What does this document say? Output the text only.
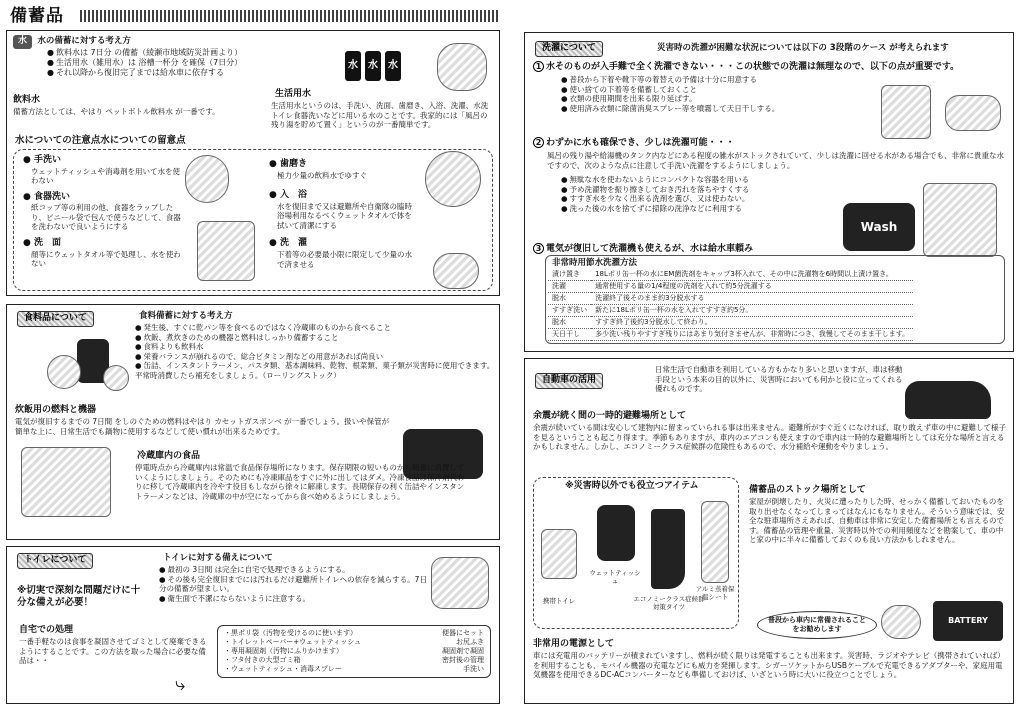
備蓄品
水 水の備蓄に対する考え方
● 飲料水は 7日分 の備蓄（綾瀬市地域防災計画より）
● 生活用水（雑用水）は 浴槽一杯分 を確保（7日分）
● それ以降から復旧完了までは給水車に依存する
水	水	水
飲料水
備蓄方法としては、やはり ペットボトル飲料水 が一番です。
生活用水
生活用水というのは、手洗い、洗面、歯磨き、入浴、洗濯、水洗トイレ食器洗いなどに用いる水のことです。我家的には「風呂の残り湯を貯めて置く」というのが一番簡単です。
水についての注意点水についての留意点
● 手洗い
ウェットティッシュや消毒剤を用いて水を使わない
● 食器洗い
紙コップ等の利用の他、食器をラップしたり、ビニール袋で包んで使うなどして、食器を洗わないで良いようにする
● 洗　面
顔等にウェットタオル等で処理し、水を使わない
● 歯磨き
極力少量の飲料水でゆすぐ
● 入　浴
水を復旧まで又は避難所や自衛隊の臨時浴場利用なるべくウェットタオルで体を拭いて清潔にする
● 洗　濯
下着等の必要最小限に限定して少量の水で済ませる
食料品について	食料備蓄に対する考え方
● 発生後、すぐに乾パン等を食べるのではなく冷蔵庫のものから食べること
● 炊飯、煮炊きのための機器と燃料はしっかり備蓄すること
● 食料よりも飲料水
● 栄養バランスが崩れるので、総合ビタミン剤などの用意があれば尚良い
● 缶詰、インスタントラーメン、パスタ類、基本調味料、乾物、根菜類、菓子類が災害時に使用できます。平常時消費したら補充をしましょう。（ローリングストック）
炊飯用の燃料と機器
電気が復旧するまでの 7日間 をしのぐための燃料はやはり カセットガスボンベ が一番でしょう。扱いや保管が簡単な上に、日常生活でも鍋物に使用するなどして使い慣れが出来るためです。
冷蔵庫内の食品
停電時点から冷蔵庫内は常温で食品保存場所になります。保存期限の短いものから順番に消費していくようにしましょう。そのためにも冷凍庫品をすぐに外に出してはダメ。冷凍食品は保冷剤代わりに移して冷蔵庫内を冷やす役目もしながら徐々に解凍します。長期保存の利く缶詰やインスタントラーメンなどは、冷蔵庫の中が空になってから食べ始めるようにしましょう。
トイレについて	トイレに対する備えについて
● 最初の 3日間 は完全に自宅で処理できるようにする。
● その後も完全復旧までには汚れるだけ避難所トイレへの依存を減らする。7日分の備蓄が望ましい。
● 衛生面で不潔にならないように注意する。
※切実で深刻な問題だけに十分な備えが必要！
自宅での処理
一番手軽なのは食事を凝固させてゴミとして廃棄できるようにすることです。この方法を取った場合に必要な備品は・・
⤷
・ 黒ポリ袋（汚物を受けるのに使います）	便器にセット
・ トイレットペーパー+ウェットティッシュ	お尻ふき
・ 専用凝固剤（汚物にふりかけます）	凝固剤で凝固
・ フタ付きの大型ゴミ箱	密封後の管理
・ ウェットティッシュ・消毒スプレー	手洗い
洗濯について	災害時の洗濯が困難な状況については以下の 3段階のケース が考えられます
1 水そのものが入手難で全く洗濯できない・・・この状態での洗濯は無理なので、以下の点が重要です。
● 普段から下着や靴下等の着替えの予備は十分に用意する
● 使い捨ての下着等を備蓄しておくこと
● 衣類の使用期間を出来る限り延ばす。
● 使用済み衣類に除菌消臭スプレー等を噴霧して天日干しする。
2 わずかに水も確保でき、少しは洗濯可能・・・
風呂の残り湯や給湯機のタンク内などにある程度の雑水がストックされていて、少しは洗濯に回せる水がある場合でも、非常に貴重な水ですので、次のような点に注意して手洗い洗濯をするようにしましょう。
● 無駄な水を使わないようにコンパクトな容器を用いる
● 予め洗濯物を振り擦きしておき汚れを落ちやすくする
● すすぎ水を少なく出来る洗剤を選び、又は使わない。
● 洗った後の水を捨てずに掃除の洗浄などに利用する
Wash
3 電気が復旧して洗濯機も使えるが、水は給水車頼み
非常時用節水洗濯方法
漬け置き	18Lポリ缶一杯の水にEM菌洗剤をキャップ3杯入れて、その中に洗濯物を6時間以上漬け置き。
洗濯	通常使用する量の1/4程度の洗剤を入れて約5分洗濯する
脱水	洗濯終了後そのまま約3分脱水する
すすぎ洗い	新たに18Lポリ缶一杯の水を入れてすすぎ約5分。
脱水	すすぎ終了後約3分脱水して終わり。
天日干し	多少洗い残りやすすぎ残りにはあまり気付きませんが、非常時につき、我慢してそのまま干します。
自動車の活用
日常生活で自動車を利用している方もかなり多いと思いますが、車は移動手段という本来の目的以外に、災害時においても何かと役に立ってくれる優れものです。
余震が続く間の一時的避難場所として
余震が続いている間は安心して建物内に留まっていられる事は出来ません。避難所がすぐ近くになければ、取り敢えず車の中に避難して様子を見るということも起こり得ます。季節もありますが、車内のエアコンも使えますので車内は一時的な避難場所としては充分な場所と言えるかもしれません。しかし、エコノミークラス症候群の危険性もあるので、水分補給や運動をやりましょう。
※災害時以外でも役立つアイテム
携帯トイレ
ウェットティッシュ
エコノミークラス症候群対策タイツ
アルミ蒸着保温シート
備蓄品のストック場所として
家屋が倒壊したり、火災に遭ったりした時、せっかく備蓄しておいたものを取り出せなくなってしまってはなんにもなりません。そういう意味では、安全な駐車場所さえあれば、自動車は非常に安定した備蓄場所とも言えるのです。備蓄品の管理や重量、災害時以外での利用頻度などを勘案して、車の中と家の中に半々に備蓄しておくのも良い方法かもしれません。
普段から車内に常備されることをお勧めします
BATTERY
非常用の電源として
車には充電用のバッテリーが積まれていますし、燃料が続く限りは発電することも出来ます。災害時、ラジオやテレビ（携帯されていれば）を利用することも、モバイル機器の充電などにも威力を発揮します。シガーソケットからUSBケーブルで充電できるアダプターや、家庭用電気機器を使用できるDC-ACコンバーターなども準備しておけば、いざという時に大いに役立つことでしょう。
